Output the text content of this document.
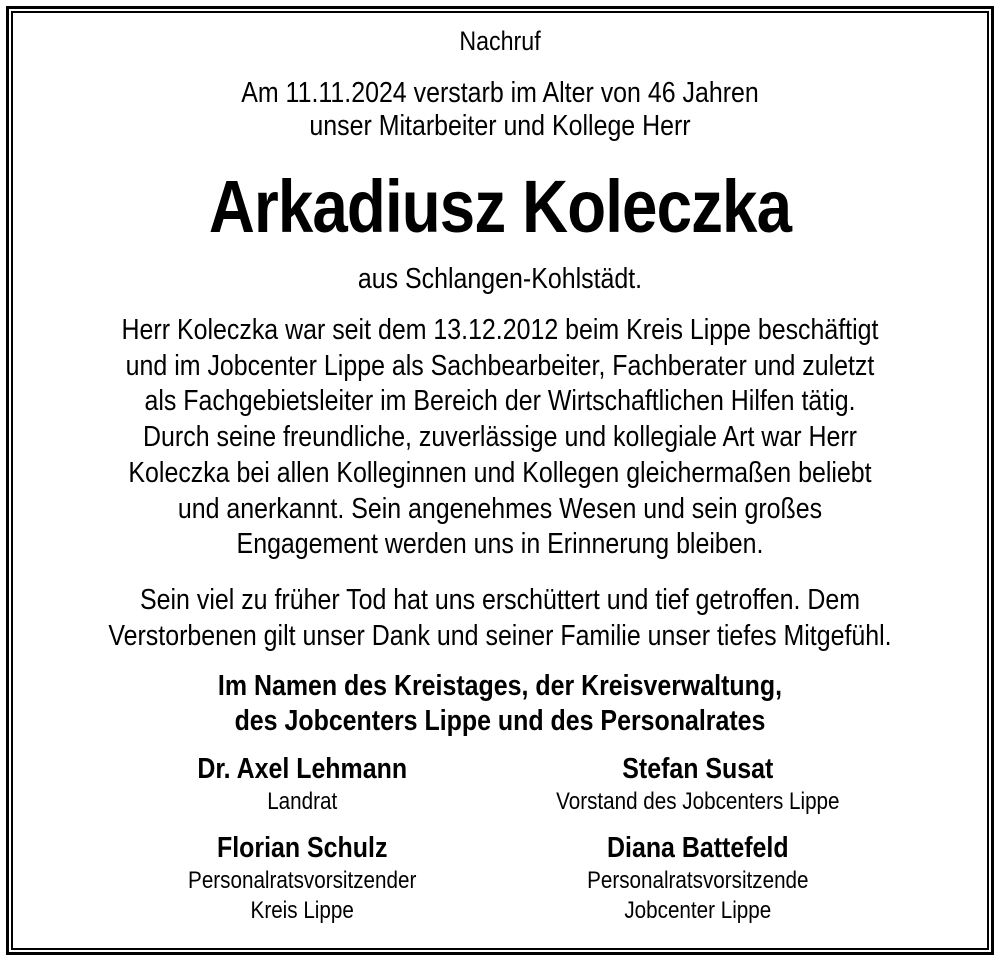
Nachruf
Am 11.11.2024 verstarb im Alter von 46 Jahren
unser Mitarbeiter und Kollege Herr
Arkadiusz Koleczka
aus Schlangen-Kohlstädt.
Herr Koleczka war seit dem 13.12.2012 beim Kreis Lippe beschäftigt
und im Jobcenter Lippe als Sachbearbeiter, Fachberater und zuletzt
als Fachgebietsleiter im Bereich der Wirtschaftlichen Hilfen tätig.
Durch seine freundliche, zuverlässige und kollegiale Art war Herr
Koleczka bei allen Kolleginnen und Kollegen gleichermaßen beliebt
und anerkannt. Sein angenehmes Wesen und sein großes
Engagement werden uns in Erinnerung bleiben.
Sein viel zu früher Tod hat uns erschüttert und tief getroffen. Dem
Verstorbenen gilt unser Dank und seiner Familie unser tiefes Mitgefühl.
Im Namen des Kreistages, der Kreisverwaltung,
des Jobcenters Lippe und des Personalrates
Dr. Axel Lehmann
Landrat
Stefan Susat
Vorstand des Jobcenters Lippe
Florian Schulz
Personalratsvorsitzender
Kreis Lippe
Diana Battefeld
Personalratsvorsitzende
Jobcenter Lippe
